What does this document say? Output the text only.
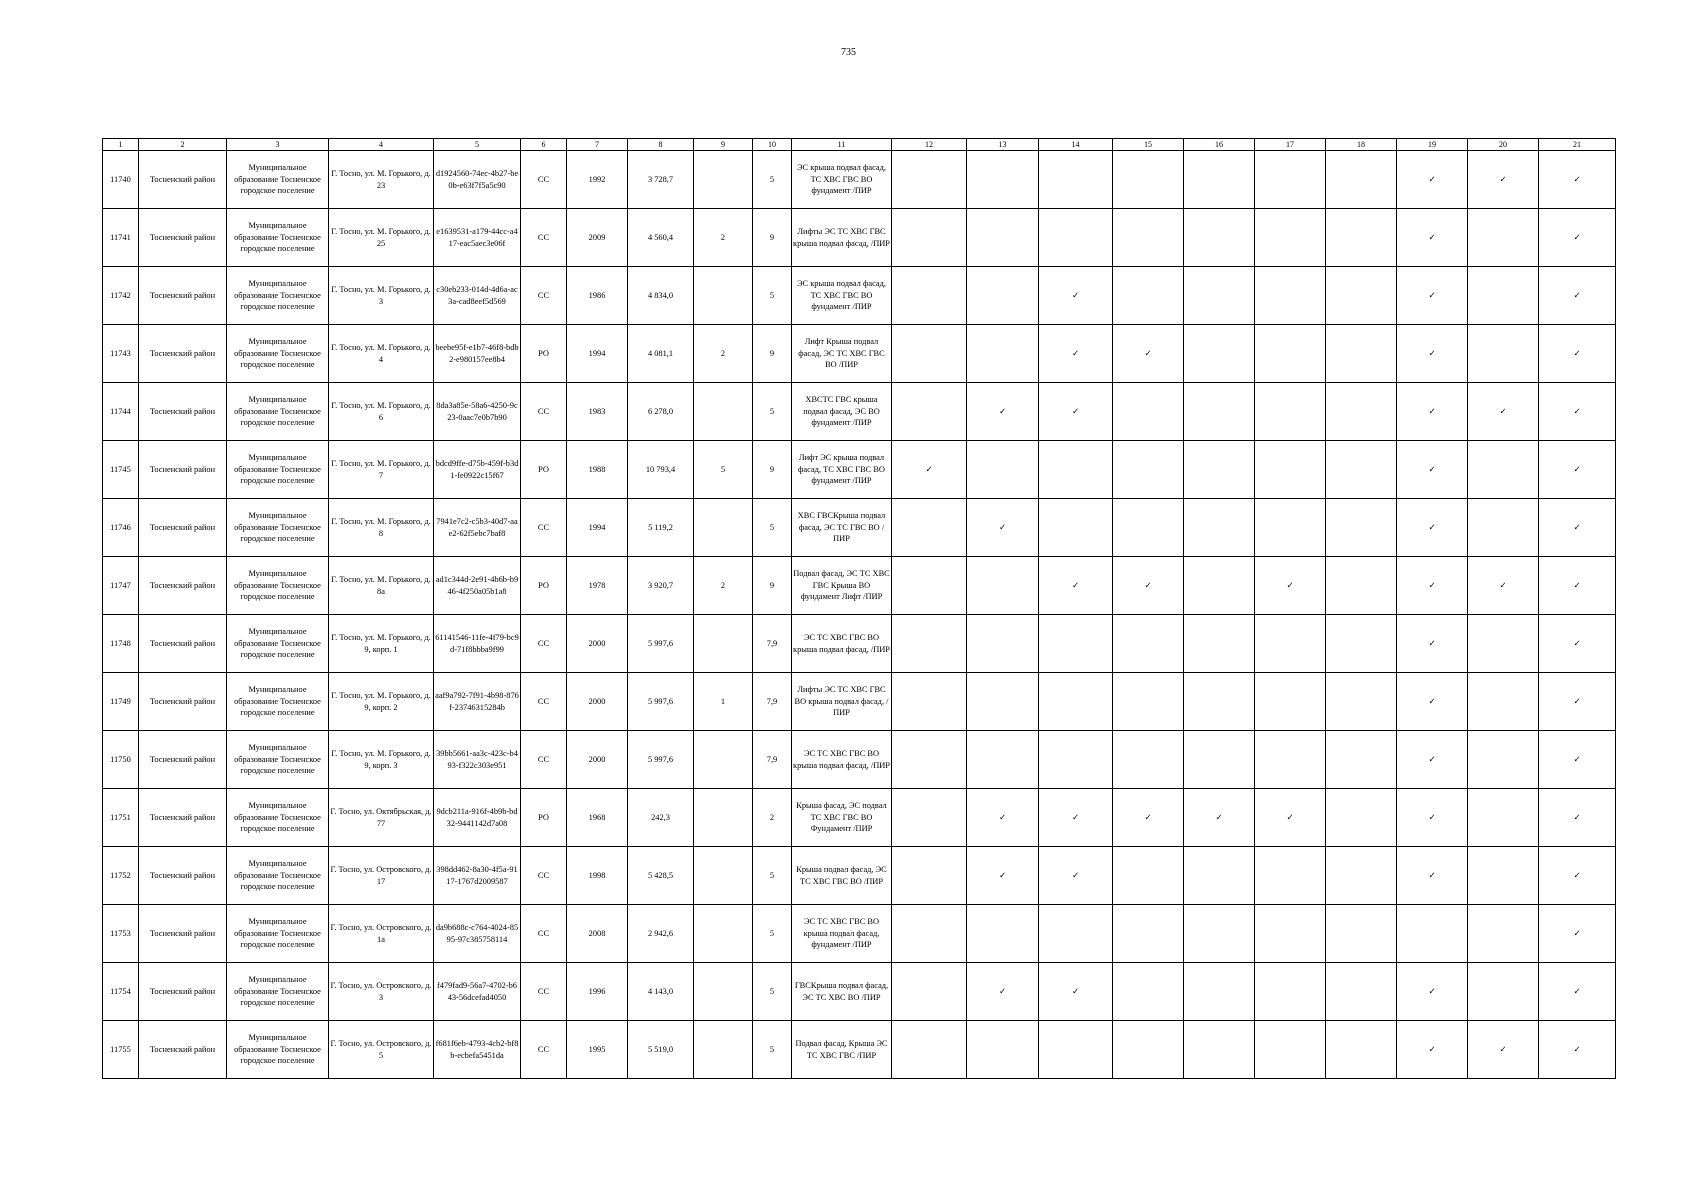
735
1	2	3	4	5	6	7	8	9	10	11	12	13	14	15	16	17	18	19	20	21
11740	Тосненский район	Муниципальное образование Тосненское городское поселение	Г. Тосно, ул. М. Горького, д. 23	d1924560-74ec-4b27-be0b-e63f7f5a5c90	СС	1992	3 728,7		5	ЭС крыша подвал фасад, ТС ХВС ГВС ВО фундамент /ПИР								✓	✓	✓
11741	Тосненский район	Муниципальное образование Тосненское городское поселение	Г. Тосно, ул. М. Горького, д. 25	e1639531-a179-44cc-a417-eac5aec3e06f	СС	2009	4 560,4	2	9	Лифты ЭС ТС ХВС ГВС крыша подвал фасад, /ПИР								✓		✓
11742	Тосненский район	Муниципальное образование Тосненское городское поселение	Г. Тосно, ул. М. Горького, д. 3	c30eb233-014d-4d6a-ac3a-cad8eef5d569	СС	1986	4 834,0		5	ЭС крыша подвал фасад, ТС ХВС ГВС ВО фундамент /ПИР			✓					✓		✓
11743	Тосненский район	Муниципальное образование Тосненское городское поселение	Г. Тосно, ул. М. Горького, д. 4	beebe95f-e1b7-46f8-bdb2-e980157ee8b4	РО	1994	4 081,1	2	9	Лифт Крыша подвал фасад, ЭС ТС ХВС ГВС ВО /ПИР			✓	✓				✓		✓
11744	Тосненский район	Муниципальное образование Тосненское городское поселение	Г. Тосно, ул. М. Горького, д. 6	8da3a85e-58a6-4250-9c23-0aac7e0b7b90	СС	1983	6 278,0		5	ХВСТС ГВС крыша подвал фасад, ЭС ВО фундамент /ПИР		✓	✓					✓	✓	✓
11745	Тосненский район	Муниципальное образование Тосненское городское поселение	Г. Тосно, ул. М. Горького, д. 7	bdcd9ffe-d75b-459f-b3d1-fe0922c15f67	РО	1988	10 793,4	5	9	Лифт ЭС крыша подвал фасад, ТС ХВС ГВС ВО фундамент /ПИР	✓							✓		✓
11746	Тосненский район	Муниципальное образование Тосненское городское поселение	Г. Тосно, ул. М. Горького, д. 8	7941e7c2-c5b3-40d7-aae2-62f5ebc7baf8	СС	1994	5 119,2		5	ХВС ГВСКрыша подвал фасад, ЭС ТС ГВС ВО /ПИР		✓						✓		✓
11747	Тосненский район	Муниципальное образование Тосненское городское поселение	Г. Тосно, ул. М. Горького, д. 8а	ad1c344d-2e91-4b6b-b946-4f250a05b1a8	РО	1978	3 920,7	2	9	Подвал фасад, ЭС ТС ХВС ГВС Крыша ВО фундамент Лифт /ПИР			✓	✓		✓		✓	✓	✓
11748	Тосненский район	Муниципальное образование Тосненское городское поселение	Г. Тосно, ул. М. Горького, д. 9, корп. 1	61141546-11fe-4f79-bc9d-71f8bbba9f99	СС	2000	5 997,6		7,9	ЭС ТС ХВС ГВС ВО крыша подвал фасад, /ПИР								✓		✓
11749	Тосненский район	Муниципальное образование Тосненское городское поселение	Г. Тосно, ул. М. Горького, д. 9, корп. 2	aaf9a792-7f91-4b98-876f-23746315284b	СС	2000	5 997,6	1	7,9	Лифты ЭС ТС ХВС ГВС ВО крыша подвал фасад, /ПИР								✓		✓
11750	Тосненский район	Муниципальное образование Тосненское городское поселение	Г. Тосно, ул. М. Горького, д. 9, корп. 3	39bb5661-aa3c-423c-b493-f322c303e951	СС	2000	5 997,6		7,9	ЭС ТС ХВС ГВС ВО крыша подвал фасад, /ПИР								✓		✓
11751	Тосненский район	Муниципальное образование Тосненское городское поселение	Г. Тосно, ул. Октябрьская, д. 77	9dcb211a-916f-4b9b-bd32-9441142d7a08	РО	1968	242,3		2	Крыша фасад, ЭС подвал ТС ХВС ГВС ВО Фундамент /ПИР		✓	✓	✓	✓	✓		✓		✓
11752	Тосненский район	Муниципальное образование Тосненское городское поселение	Г. Тосно, ул. Островского, д. 17	398dd462-8a30-4f5a-9117-1767d2009587	СС	1998	5 428,5		5	Крыша подвал фасад, ЭС ТС ХВС ГВС ВО /ПИР		✓	✓					✓		✓
11753	Тосненский район	Муниципальное образование Тосненское городское поселение	Г. Тосно, ул. Островского, д. 1а	da9b688c-c764-4024-8595-97c385758114	СС	2008	2 942,6		5	ЭС ТС ХВС ГВС ВО крыша подвал фасад, фундамент /ПИР										✓
11754	Тосненский район	Муниципальное образование Тосненское городское поселение	Г. Тосно, ул. Островского, д. 3	f479fad9-56a7-4702-b643-56dcefad4050	СС	1996	4 143,0		5	ГВСКрыша подвал фасад, ЭС ТС ХВС ВО /ПИР		✓	✓					✓		✓
11755	Тосненский район	Муниципальное образование Тосненское городское поселение	Г. Тосно, ул. Островского, д. 5	f681f6eb-4793-4cb2-bf8b-ecbefa5451da	СС	1995	5 519,0		5	Подвал фасад, Крыша ЭС ТС ХВС ГВС /ПИР								✓	✓	✓
